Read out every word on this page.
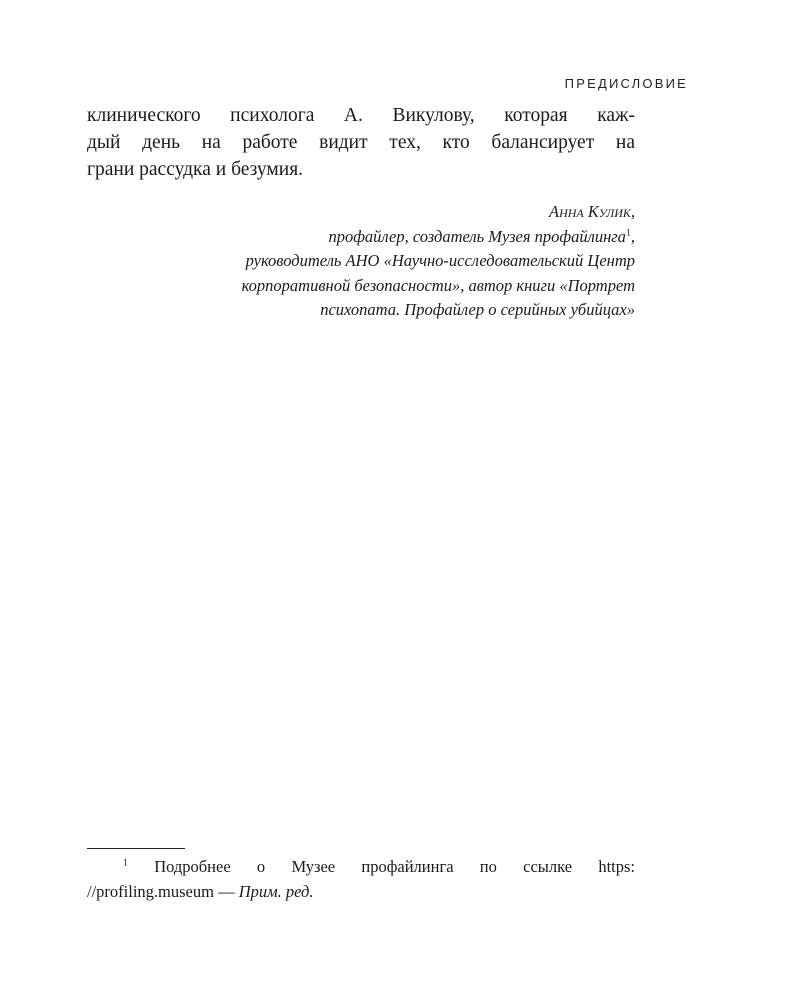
ПРЕДИСЛОВИЕ

клинического психолога А. Викулову, которая каж-
дый день на работе видит тех, кто балансирует на
грани рассудка и безумия.

Анна Кулик,
профайлер, создатель Музея профайлинга$^1$,
руководитель АНО «Научно-исследовательский Центр
корпоративной безопасности», автор книги «Портрет
психопата. Профайлер о серийных убийцах»
$^1$ Подробнее о Музее профайлинга по ссылке https:
//profiling.museum — Прим. ред.
